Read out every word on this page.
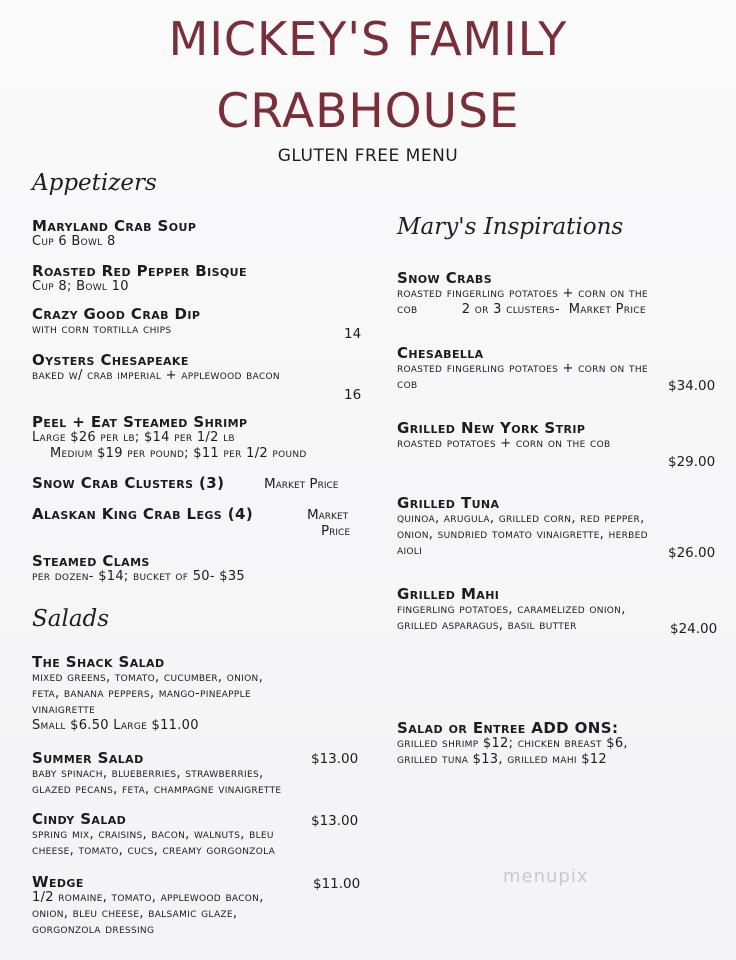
MICKEY'S FAMILY
CRABHOUSE
GLUTEN FREE MENU
Appetizers
Salads
Mary's Inspirations
Maryland Crab Soup
Cup 6 Bowl 8
Roasted Red Pepper Bisque
Cup 8; Bowl 10
Crazy Good Crab Dip
with corn tortilla chips	14
Oysters Chesapeake
baked w/ crab imperial + applewood bacon
16
Peel + Eat Steamed Shrimp
Large $26 per lb; $14 per 1/2 lb
Medium $19 per pound; $11 per 1/2 pound
Snow Crab Clusters (3)	Market Price
Alaskan King Crab Legs (4)	Market
Price
Steamed Clams
per dozen- $14; bucket of 50- $35
The Shack Salad
mixed greens, tomato, cucumber, onion,
feta, banana peppers, mango-pineapple
vinaigrette
Small $6.50 Large $11.00
Summer Salad
baby spinach, blueberries, strawberries,
glazed pecans, feta, champagne vinaigrette
$13.00
Cindy Salad
spring mix, craisins, bacon, walnuts, bleu
cheese, tomato, cucs, creamy gorgonzola
$13.00
Wedge
1/2 romaine, tomato, applewood bacon,
onion, bleu cheese, balsamic glaze,
gorgonzola dressing
$11.00
Snow Crabs
roasted fingerling potatoes + corn on the
cob          2 or 3 clusters-  Market Price
Chesabella
roasted fingerling potatoes + corn on the
cob	$34.00
Grilled New York Strip
roasted potatoes + corn on the cob
$29.00
Grilled Tuna
quinoa, arugula, grilled corn, red pepper,
onion, sundried tomato vinaigrette, herbed
aioli	$26.00
Grilled Mahi
fingerling potatoes, caramelized onion,
grilled asparagus, basil butter	$24.00
Salad or Entree ADD ONS:
grilled shrimp $12; chicken breast $6,
grilled tuna $13, grilled mahi $12
menupix
